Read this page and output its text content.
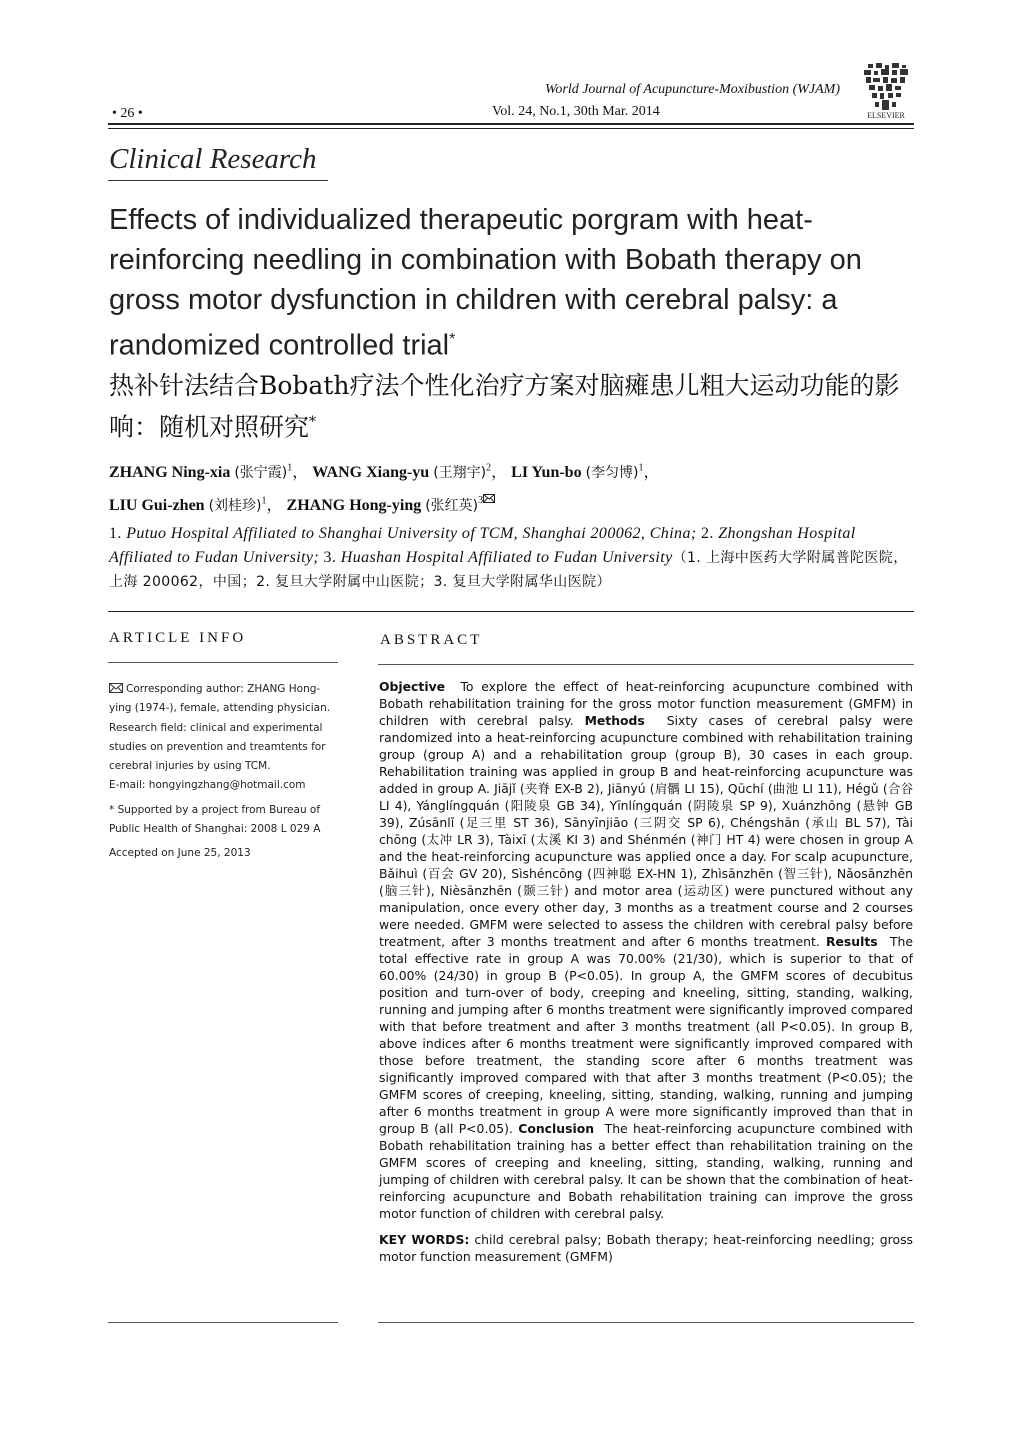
World Journal of Acupuncture-Moxibustion (WJAM)
Vol. 24, No.1, 30th Mar. 2014
• 26 •	ELSEVIER
Clinical Research
Effects of individualized therapeutic porgram with heat-reinforcing needling in combination with Bobath therapy on gross motor dysfunction in children with cerebral palsy: a randomized controlled trial*
热补针法结合Bobath疗法个性化治疗方案对脑瘫患儿粗大运动功能的影响：随机对照研究*
ZHANG Ning-xia (张宁霞)$^1$， WANG Xiang-yu (王翔宇)$^2$， LI Yun-bo (李匀博)$^1$，
LIU Gui-zhen (刘桂珍)$^1$， ZHANG Hong-ying (张红英)$^3$
1. Putuo Hospital Affiliated to Shanghai University of TCM, Shanghai 200062, China; 2. Zhongshan Hospital Affiliated to Fudan University; 3. Huashan Hospital Affiliated to Fudan University（1. 上海中医药大学附属普陀医院，上海 200062，中国；2. 复旦大学附属中山医院；3. 复旦大学附属华山医院）
ARTICLE INFO	ABSTRACT

Corresponding author: ZHANG Hong-ying (1974-), female, attending physician. Research field: clinical and experimental studies on prevention and treamtents for cerebral injuries by using TCM.

E-mail: hongyingzhang@hotmail.com

* Supported by a project from Bureau of Public Health of Shanghai: 2008 L 029 A

Accepted on June 25, 2013

Objective To explore the effect of heat-reinforcing acupuncture combined with Bobath rehabilitation training for the gross motor function measurement (GMFM) in children with cerebral palsy. Methods Sixty cases of cerebral palsy were randomized into a heat-reinforcing acupuncture combined with rehabilitation training group (group A) and a rehabilitation group (group B), 30 cases in each group. Rehabilitation training was applied in group B and heat-reinforcing acupuncture was added in group A. Jiājǐ (夹脊 EX-B 2), Jiānyú (肩髃 LI 15), Qūchí (曲池 LI 11), Hégǔ (合谷 LI 4), Yánglíngquán (阳陵泉 GB 34), Yīnlíngquán (阴陵泉 SP 9), Xuánzhōng (悬钟 GB 39), Zúsānlǐ (足三里 ST 36), Sānyīnjiāo (三阴交 SP 6), Chéngshān (承山 BL 57), Tài chōng (太冲 LR 3), Tàixī (太溪 KI 3) and Shénmén (神门 HT 4) were chosen in group A and the heat-reinforcing acupuncture was applied once a day. For scalp acupuncture, Bǎihuì (百会 GV 20), Sìshéncōng (四神聪 EX-HN 1), Zhìsānzhēn (智三针), Nǎosānzhēn (脑三针), Nièsānzhēn (颞三针) and motor area (运动区) were punctured without any manipulation, once every other day, 3 months as a treatment course and 2 courses were needed. GMFM were selected to assess the children with cerebral palsy before treatment, after 3 months treatment and after 6 months treatment. Results The total effective rate in group A was 70.00% (21/30), which is superior to that of 60.00% (24/30) in group B (P<0.05). In group A, the GMFM scores of decubitus position and turn-over of body, creeping and kneeling, sitting, standing, walking, running and jumping after 6 months treatment were significantly improved compared with that before treatment and after 3 months treatment (all P<0.05). In group B, above indices after 6 months treatment were significantly improved compared with those before treatment, the standing score after 6 months treatment was significantly improved compared with that after 3 months treatment (P<0.05); the GMFM scores of creeping, kneeling, sitting, standing, walking, running and jumping after 6 months treatment in group A were more significantly improved than that in group B (all P<0.05). Conclusion The heat-reinforcing acupuncture combined with Bobath rehabilitation training has a better effect than rehabilitation training on the GMFM scores of creeping and kneeling, sitting, standing, walking, running and jumping of children with cerebral palsy. It can be shown that the combination of heat-reinforcing acupuncture and Bobath rehabilitation training can improve the gross motor function of children with cerebral palsy.

KEY WORDS: child cerebral palsy; Bobath therapy; heat-reinforcing needling; gross motor function measurement (GMFM)
